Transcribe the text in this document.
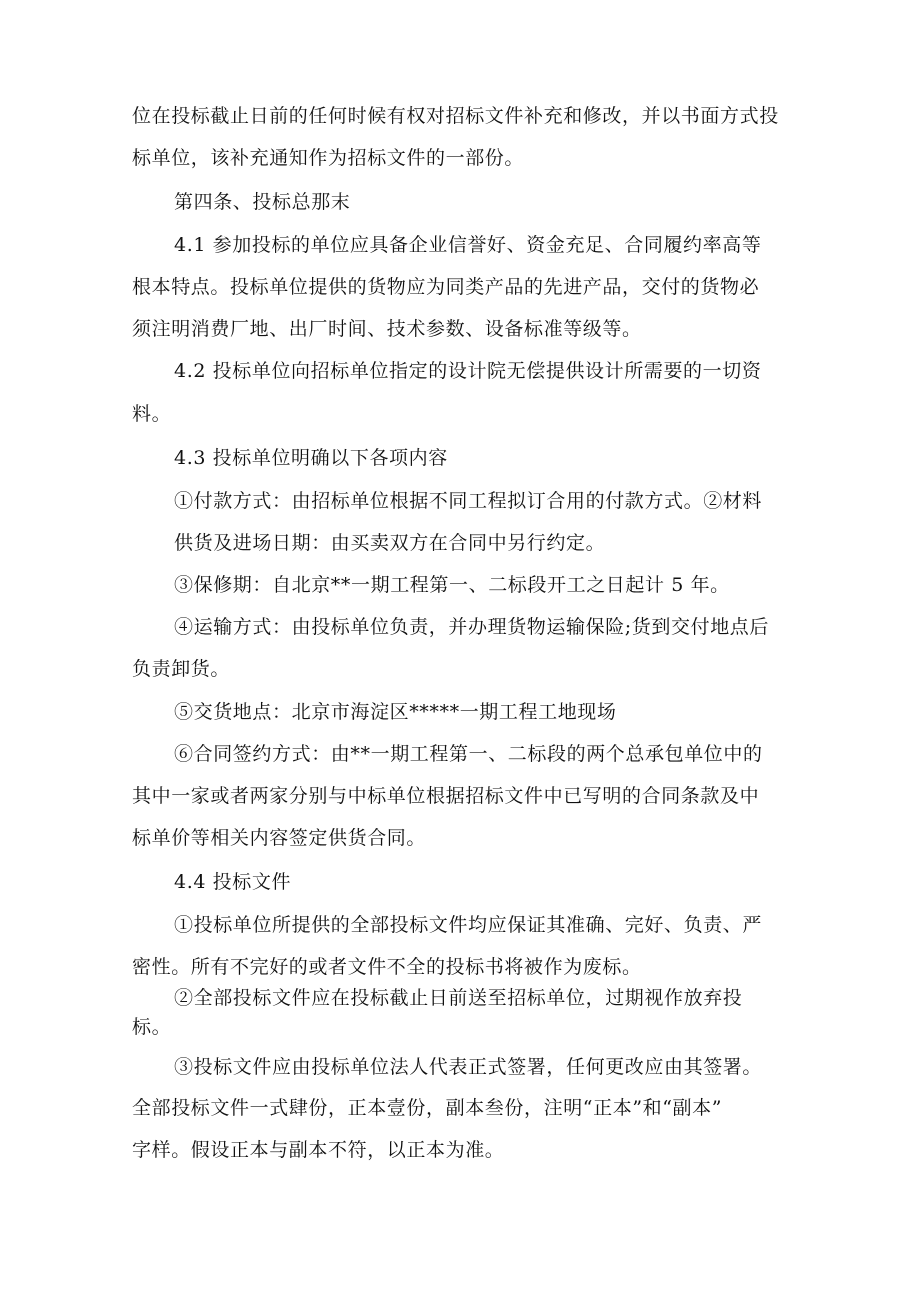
位在投标截止日前的任何时候有权对招标文件补充和修改，并以书面方式投

标单位，该补充通知作为招标文件的一部份。

第四条、投标总那末

4.1 参加投标的单位应具备企业信誉好、资金充足、合同履约率高等

根本特点。投标单位提供的货物应为同类产品的先进产品，交付的货物必

须注明消费厂地、出厂时间、技术参数、设备标准等级等。

4.2 投标单位向招标单位指定的设计院无偿提供设计所需要的一切资

料。

4.3 投标单位明确以下各项内容

①付款方式：由招标单位根据不同工程拟订合用的付款方式。②材料

供货及进场日期：由买卖双方在合同中另行约定。

③保修期：自北京**一期工程第一、二标段开工之日起计 5 年。

④运输方式：由投标单位负责，并办理货物运输保险;货到交付地点后

负责卸货。

⑤交货地点：北京市海淀区*****一期工程工地现场

⑥合同签约方式：由**一期工程第一、二标段的两个总承包单位中的

其中一家或者两家分别与中标单位根据招标文件中已写明的合同条款及中

标单价等相关内容签定供货合同。

4.4 投标文件

①投标单位所提供的全部投标文件均应保证其准确、完好、负责、严

密性。所有不完好的或者文件不全的投标书将被作为废标。

②全部投标文件应在投标截止日前送至招标单位，过期视作放弃投

标。

③投标文件应由投标单位法人代表正式签署，任何更改应由其签署。

全部投标文件一式肆份，正本壹份，副本叁份，注明“正本”和“副本”

字样。假设正本与副本不符，以正本为准。
